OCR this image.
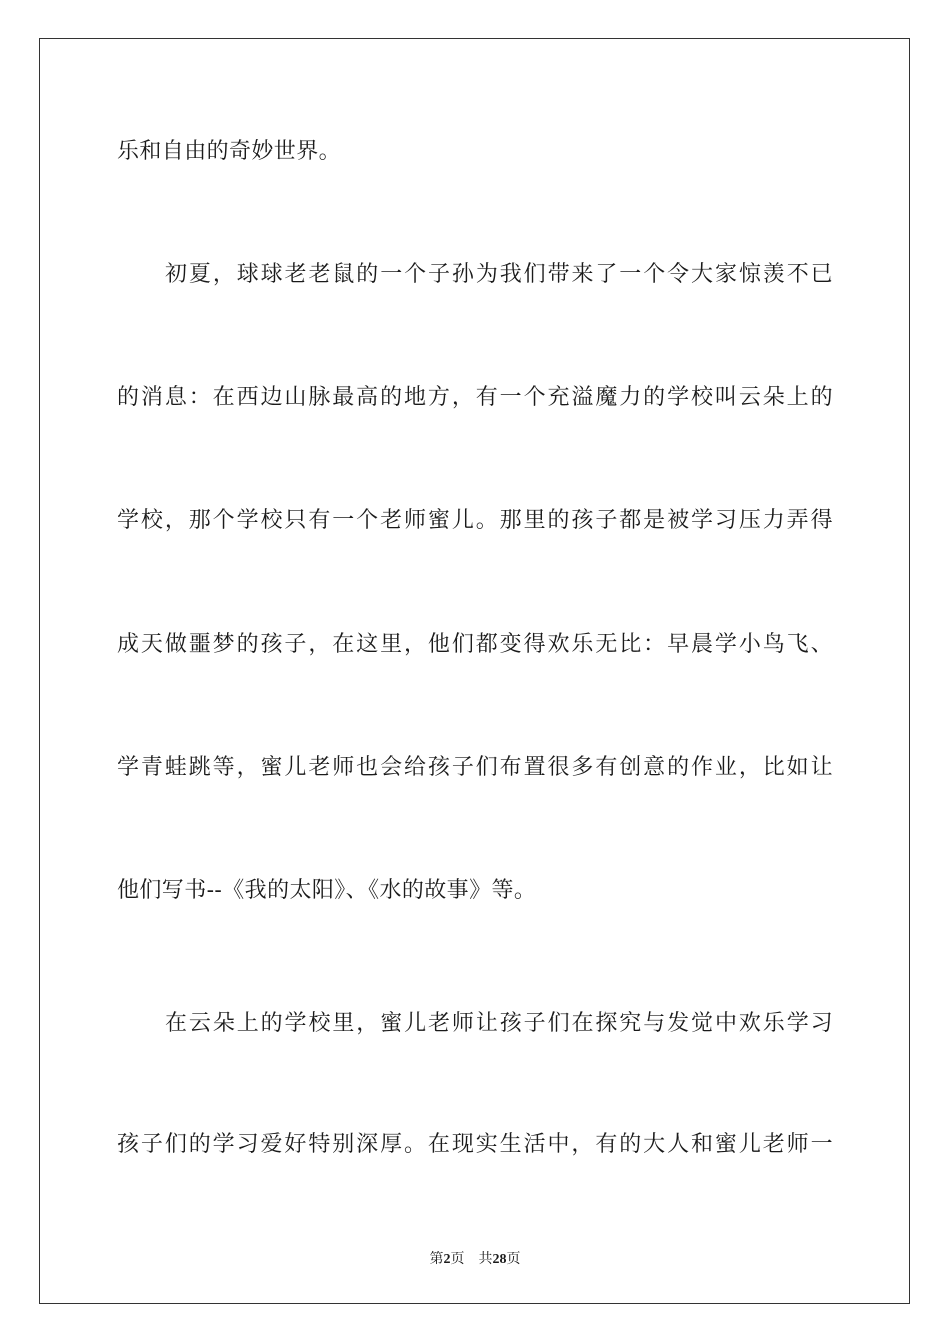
乐和自由的奇妙世界。
初夏，球球老老鼠的一个子孙为我们带来了一个令大家惊羡不已
的消息：在西边山脉最高的地方，有一个充溢魔力的学校叫云朵上的
学校，那个学校只有一个老师蜜儿。那里的孩子都是被学习压力弄得
成天做噩梦的孩子，在这里，他们都变得欢乐无比：早晨学小鸟飞、
学青蛙跳等，蜜儿老师也会给孩子们布置很多有创意的作业，比如让
他们写书--《我的太阳》、《水的故事》等。
在云朵上的学校里，蜜儿老师让孩子们在探究与发觉中欢乐学习
孩子们的学习爱好特别深厚。在现实生活中，有的大人和蜜儿老师一
第2页 共28页
